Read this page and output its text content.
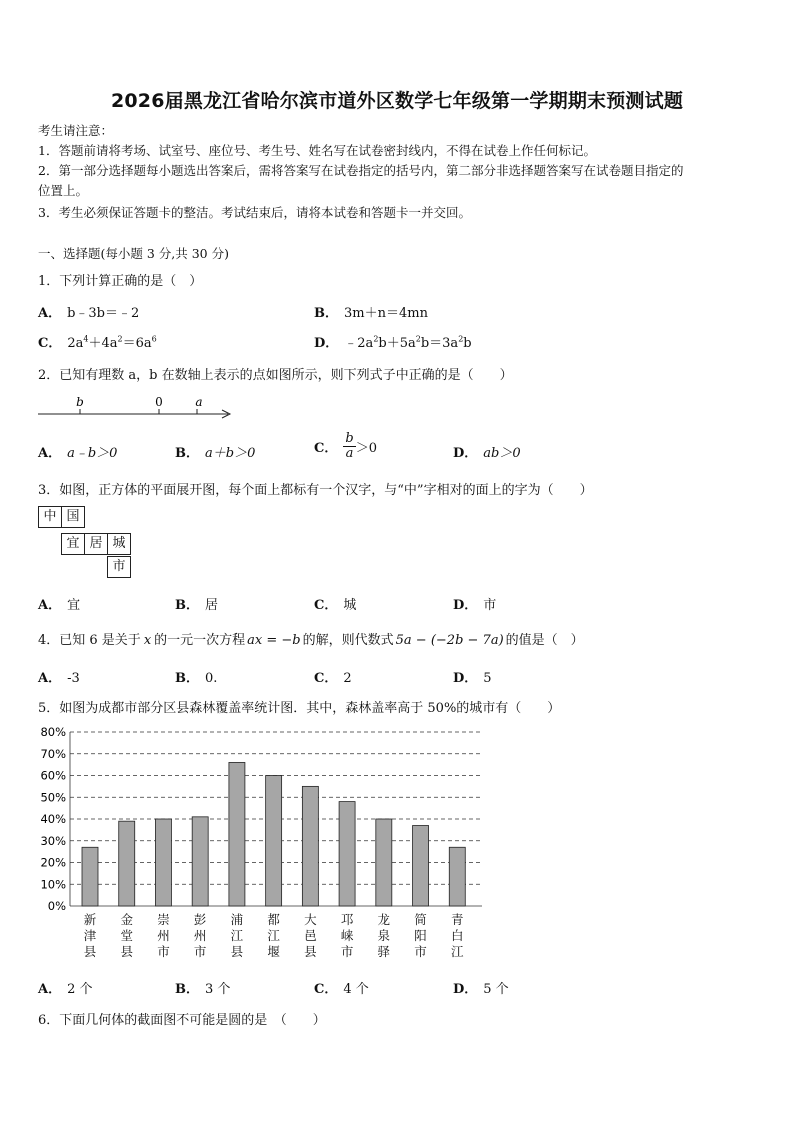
2026届黑龙江省哈尔滨市道外区数学七年级第一学期期末预测试题
考生请注意：
1．答题前请将考场、试室号、座位号、考生号、姓名写在试卷密封线内，不得在试卷上作任何标记。
2．第一部分选择题每小题选出答案后，需将答案写在试卷指定的括号内，第二部分非选择题答案写在试卷题目指定的
位置上。
3．考生必须保证答题卡的整洁。考试结束后，请将本试卷和答题卡一并交回。
一、选择题(每小题 3 分,共 30 分)
1．下列计算正确的是（　）
A． b﹣3b＝﹣2	B． 3m＋n＝4mn
C． $2a^4+4a^2=6a^6$	D． $﹣2a^2b+5a^2b=3a^2b$
2．已知有理数 a，b 在数轴上表示的点如图所示，则下列式子中正确的是（　　）
b	0	a
A． a﹣b＞0	B． a＋b＞0	C． $\frac{b}{a} >0$	D． ab＞0
3．如图，正方体的平面展开图，每个面上都标有一个汉字，与“中”字相对的面上的字为（　　）
中 国
宜 居 城
市
A． 宜	B． 居	C． 城	D． 市
4．已知 6 是关于 x 的一元一次方程 ax = −b 的解，则代数式 5a − (−2b − 7a) 的值是（　）
A． -3	B． 0.	C． 2	D． 5
5．如图为成都市部分区县森林覆盖率统计图．其中，森林盖率高于 50%的城市有（　　）
0%
10%
20%
30%
40%
50%
60%
70%
80%
新津县
金堂县
崇州市
彭州市
浦江县
都江堰
大邑县
邛崃市
龙泉驿
简阳市
青白江
A． 2 个	B． 3 个	C． 4 个	D． 5 个
6．下面几何体的截面图不可能是圆的是　（　　）
